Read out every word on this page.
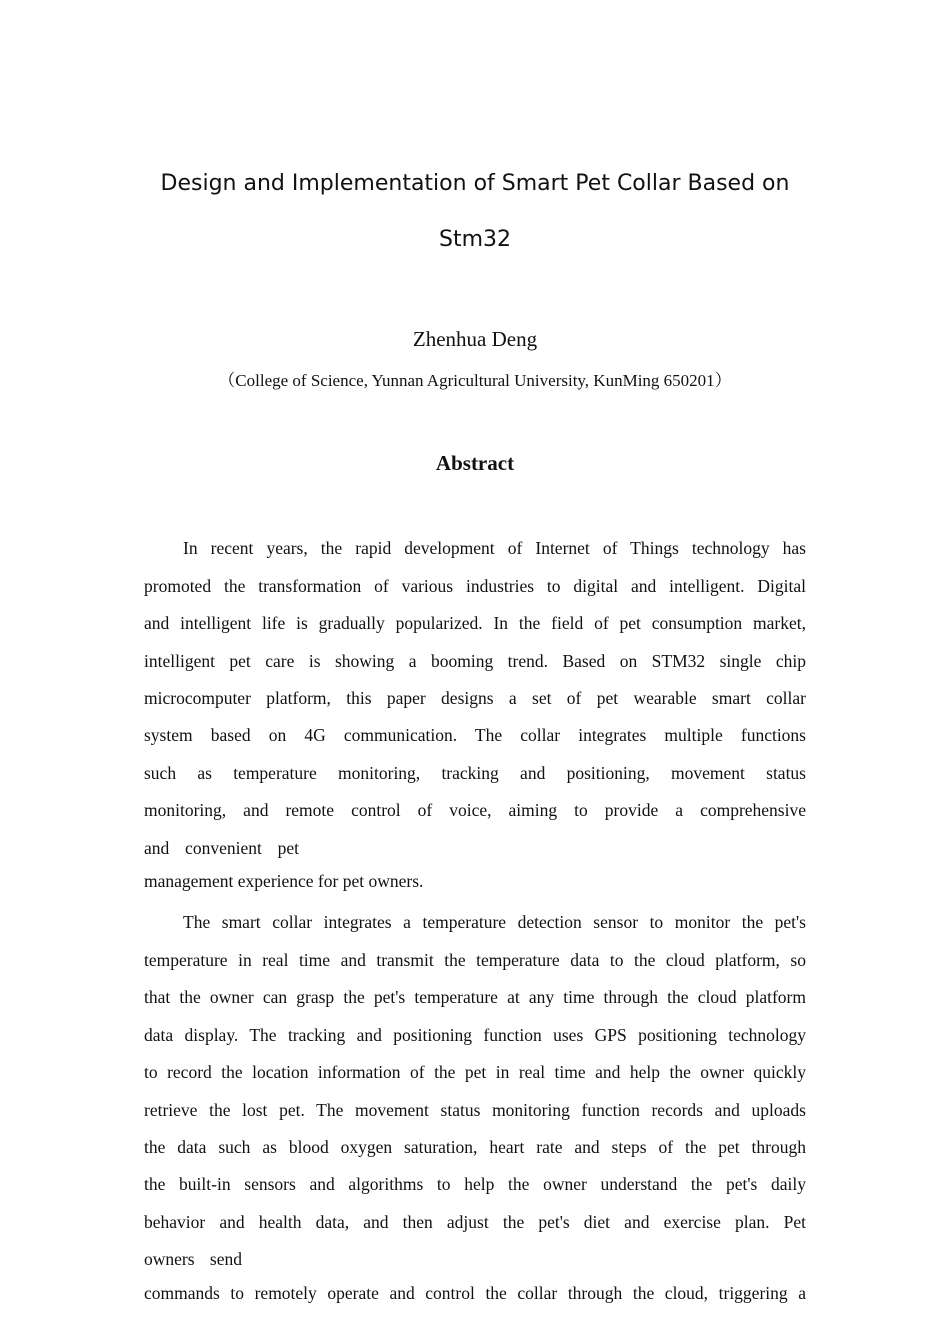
Design and Implementation of Smart Pet Collar Based on
Stm32
Zhenhua Deng
（College of Science, Yunnan Agricultural University, KunMing 650201）
Abstract
In recent years, the rapid development of Internet of Things technology has
promoted the transformation of various industries to digital and intelligent. Digital
and intelligent life is gradually popularized. In the field of pet consumption market,
intelligent pet care is showing a booming trend. Based on STM32 single chip
microcomputer platform, this paper designs a set of pet wearable smart collar
system based on 4G communication. The collar integrates multiple functions
such as temperature monitoring, tracking and positioning, movement status
monitoring, and remote control of voice, aiming to provide a comprehensive
and convenient pet
management experience for pet owners.
The smart collar integrates a temperature detection sensor to monitor the pet's
temperature in real time and transmit the temperature data to the cloud platform, so
that the owner can grasp the pet's temperature at any time through the cloud platform
data display. The tracking and positioning function uses GPS positioning technology
to record the location information of the pet in real time and help the owner quickly
retrieve the lost pet. The movement status monitoring function records and uploads
the data such as blood oxygen saturation, heart rate and steps of the pet through
the built-in sensors and algorithms to help the owner understand the pet's daily
behavior and health data, and then adjust the pet's diet and exercise plan. Pet
owners send
commands to remotely operate and control the collar through the cloud, triggering a
